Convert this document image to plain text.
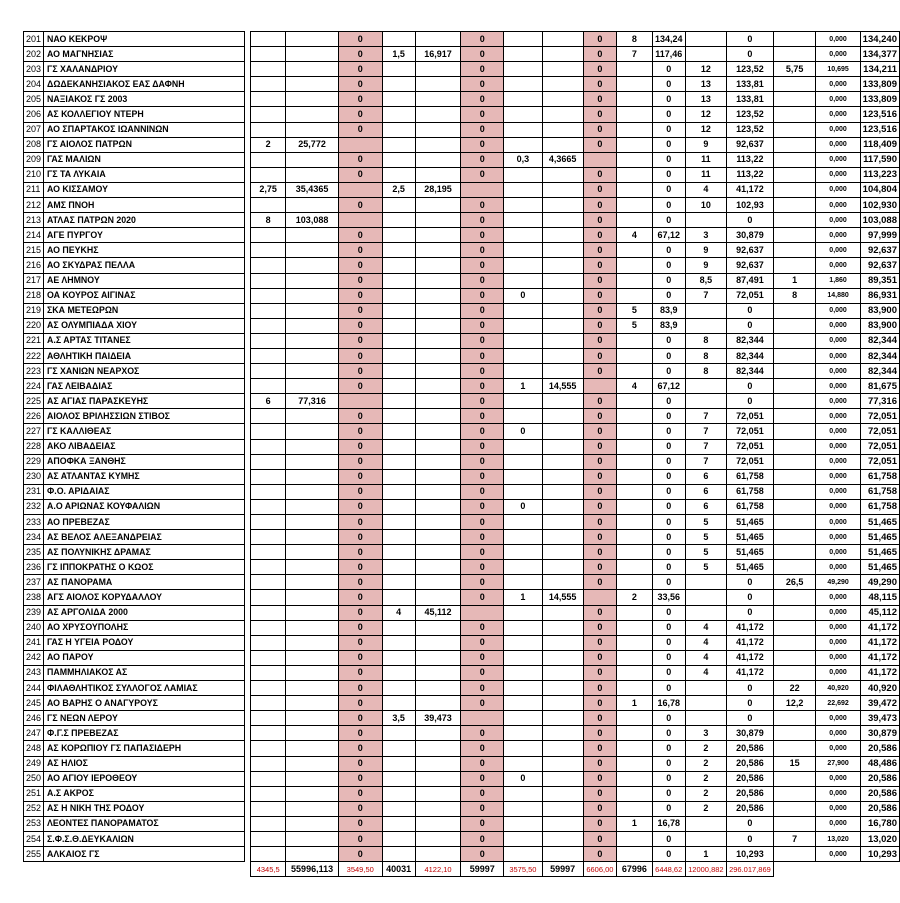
201	ΝΑΟ ΚΕΚΡΟΨ				0			0			0	8	134,24		0		0,000	134,240
202	ΑΟ ΜΑΓΝΗΣΙΑΣ				0	1,5	16,917	0			0	7	117,46		0		0,000	134,377
203	ΓΣ ΧΑΛΑΝΔΡΙΟΥ				0			0			0		0	12	123,52	5,75	10,695	134,211
204	ΔΩΔΕΚΑΝΗΣΙΑΚΟΣ ΕΑΣ ΔΑΦΝΗ				0			0			0		0	13	133,81		0,000	133,809
205	ΝΑΞΙΑΚΟΣ ΓΣ 2003				0			0			0		0	13	133,81		0,000	133,809
206	ΑΣ ΚΟΛΛΕΓΙΟΥ ΝΤΕΡΗ				0			0			0		0	12	123,52		0,000	123,516
207	ΑΟ ΣΠΑΡΤΑΚΟΣ ΙΩΑΝΝΙΝΩΝ				0			0			0		0	12	123,52		0,000	123,516
208	ΓΣ ΑΙΟΛΟΣ ΠΑΤΡΩΝ		2	25,772				0			0		0	9	92,637		0,000	118,409
209	ΓΑΣ ΜΑΛΙΩΝ				0			0	0,3	4,3665			0	11	113,22		0,000	117,590
210	ΓΣ ΤΑ ΛΥΚΑΙΑ				0			0			0		0	11	113,22		0,000	113,223
211	ΑΟ ΚΙΣΣΑΜΟΥ		2,75	35,4365		2,5	28,195				0		0	4	41,172		0,000	104,804
212	ΑΜΣ ΠΝΟΗ				0			0			0		0	10	102,93		0,000	102,930
213	ΑΤΛΑΣ ΠΑΤΡΩΝ 2020		8	103,088				0			0		0		0		0,000	103,088
214	ΑΓΕ ΠΥΡΓΟΥ				0			0			0	4	67,12	3	30,879		0,000	97,999
215	ΑΟ ΠΕΥΚΗΣ				0			0			0		0	9	92,637		0,000	92,637
216	ΑΟ ΣΚΥΔΡΑΣ ΠΕΛΛΑ				0			0			0		0	9	92,637		0,000	92,637
217	ΑΕ ΛΗΜΝΟΥ				0			0			0		0	8,5	87,491	1	1,860	89,351
218	ΟΑ ΚΟΥΡΟΣ ΑΙΓΙΝΑΣ				0			0	0		0		0	7	72,051	8	14,880	86,931
219	ΣΚΑ ΜΕΤΕΩΡΩΝ				0			0			0	5	83,9		0		0,000	83,900
220	ΑΣ ΟΛΥΜΠΙΑΔΑ ΧΙΟΥ				0			0			0	5	83,9		0		0,000	83,900
221	Α.Σ ΑΡΤΑΣ ΤΙΤΑΝΕΣ				0			0			0		0	8	82,344		0,000	82,344
222	ΑΘΛΗΤΙΚΗ ΠΑΙΔΕΙΑ				0			0			0		0	8	82,344		0,000	82,344
223	ΓΣ ΧΑΝΙΩΝ ΝΕΑΡΧΟΣ				0			0			0		0	8	82,344		0,000	82,344
224	ΓΑΣ ΛΕΙΒΑΔΙΑΣ				0			0	1	14,555		4	67,12		0		0,000	81,675
225	ΑΣ ΑΓΙΑΣ ΠΑΡΑΣΚΕΥΗΣ		6	77,316				0			0		0		0		0,000	77,316
226	ΑΙΟΛΟΣ ΒΡΙΛΗΣΣΙΩΝ ΣΤΙΒΟΣ				0			0			0		0	7	72,051		0,000	72,051
227	ΓΣ ΚΑΛΛΙΘΕΑΣ				0			0	0		0		0	7	72,051		0,000	72,051
228	ΑΚΟ ΛΙΒΑΔΕΙΑΣ				0			0			0		0	7	72,051		0,000	72,051
229	ΑΠΟΦΚΑ ΞΑΝΘΗΣ				0			0			0		0	7	72,051		0,000	72,051
230	ΑΣ ΑΤΛΑΝΤΑΣ ΚΥΜΗΣ				0			0			0		0	6	61,758		0,000	61,758
231	Φ.Ο. ΑΡΙΔΑΙΑΣ				0			0			0		0	6	61,758		0,000	61,758
232	Α.Ο ΑΡΙΩΝΑΣ ΚΟΥΦΑΛΙΩΝ				0			0	0		0		0	6	61,758		0,000	61,758
233	ΑΟ ΠΡΕΒΕΖΑΣ				0			0			0		0	5	51,465		0,000	51,465
234	ΑΣ ΒΕΛΟΣ ΑΛΕΞΑΝΔΡΕΙΑΣ				0			0			0		0	5	51,465		0,000	51,465
235	ΑΣ ΠΟΛΥΝΙΚΗΣ ΔΡΑΜΑΣ				0			0			0		0	5	51,465		0,000	51,465
236	ΓΣ ΙΠΠΟΚΡΑΤΗΣ Ο ΚΩΟΣ				0			0			0		0	5	51,465		0,000	51,465
237	ΑΣ ΠΑΝΟΡΑΜΑ				0			0			0		0		0	26,5	49,290	49,290
238	ΑΓΣ ΑΙΟΛΟΣ ΚΟΡΥΔΑΛΛΟΥ				0			0	1	14,555		2	33,56		0		0,000	48,115
239	ΑΣ ΑΡΓΟΛΙΔΑ 2000				0	4	45,112				0		0		0		0,000	45,112
240	ΑΟ ΧΡΥΣΟΥΠΟΛΗΣ				0			0			0		0	4	41,172		0,000	41,172
241	ΓΑΣ Η ΥΓΕΙΑ ΡΟΔΟΥ				0			0			0		0	4	41,172		0,000	41,172
242	ΑΟ ΠΑΡΟΥ				0			0			0		0	4	41,172		0,000	41,172
243	ΠΑΜΜΗΛΙΑΚΟΣ ΑΣ				0			0			0		0	4	41,172		0,000	41,172
244	ΦΙΛΑΘΛΗΤΙΚΟΣ ΣΥΛΛΟΓΟΣ ΛΑΜΙΑΣ				0			0			0		0		0	22	40,920	40,920
245	ΑΟ ΒΑΡΗΣ Ο ΑΝΑΓΥΡΟΥΣ				0			0			0	1	16,78		0	12,2	22,692	39,472
246	ΓΣ ΝΕΩΝ ΛΕΡΟΥ				0	3,5	39,473				0		0		0		0,000	39,473
247	Φ.Γ.Σ ΠΡΕΒΕΖΑΣ				0			0			0		0	3	30,879		0,000	30,879
248	ΑΣ ΚΟΡΩΠΙΟΥ ΓΣ ΠΑΠΑΣΙΔΕΡΗ				0			0			0		0	2	20,586		0,000	20,586
249	ΑΣ ΗΛΙΟΣ				0			0			0		0	2	20,586	15	27,900	48,486
250	ΑΟ ΑΓΙΟΥ ΙΕΡΟΘΕΟΥ				0			0	0		0		0	2	20,586		0,000	20,586
251	Α.Σ ΑΚΡΟΣ				0			0			0		0	2	20,586		0,000	20,586
252	ΑΣ Η ΝΙΚΗ ΤΗΣ ΡΟΔΟΥ				0			0			0		0	2	20,586		0,000	20,586
253	ΛΕΟΝΤΕΣ ΠΑΝΟΡΑΜΑΤΟΣ				0			0			0	1	16,78		0		0,000	16,780
254	Σ.Φ.Σ.Θ.ΔΕΥΚΑΛΙΩΝ				0			0			0		0		0	7	13,020	13,020
255	ΑΛΚΑΙΟΣ ΓΣ				0			0			0		0	1	10,293		0,000	10,293
			4345,5	55996,113	3549,50	40031	4122,10	59997	3575,50	59997	6606,00	67996	6448,62	12000,882	296.017,869			
